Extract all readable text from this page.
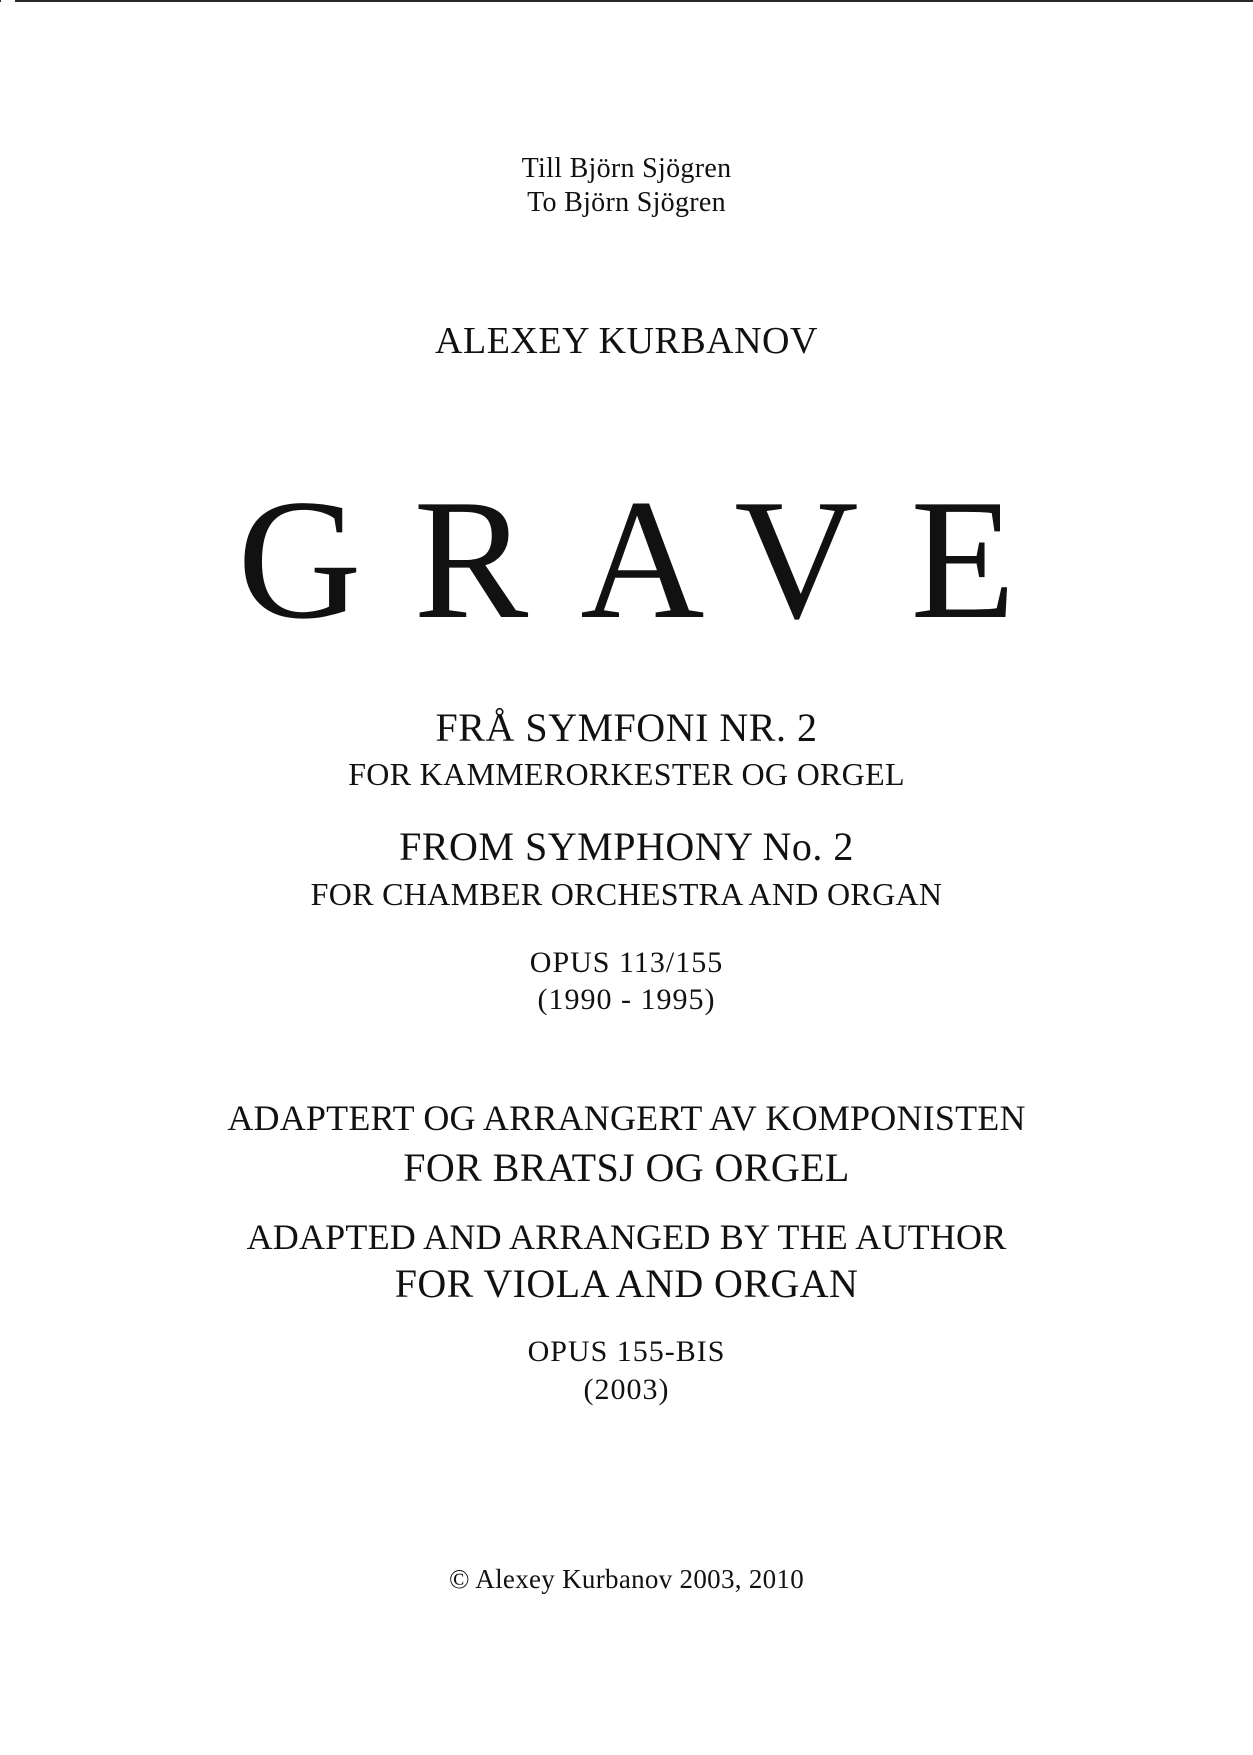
Till Björn Sjögren
To Björn Sjögren
ALEXEY KURBANOV
GRAVE
FRÅ SYMFONI NR. 2
FOR KAMMERORKESTER OG ORGEL
FROM SYMPHONY No. 2
FOR CHAMBER ORCHESTRA AND ORGAN
OPUS 113/155
(1990 - 1995)
ADAPTERT OG ARRANGERT AV KOMPONISTEN
FOR BRATSJ OG ORGEL
ADAPTED AND ARRANGED BY THE AUTHOR
FOR VIOLA AND ORGAN
OPUS 155-BIS
(2003)
© Alexey Kurbanov 2003, 2010
